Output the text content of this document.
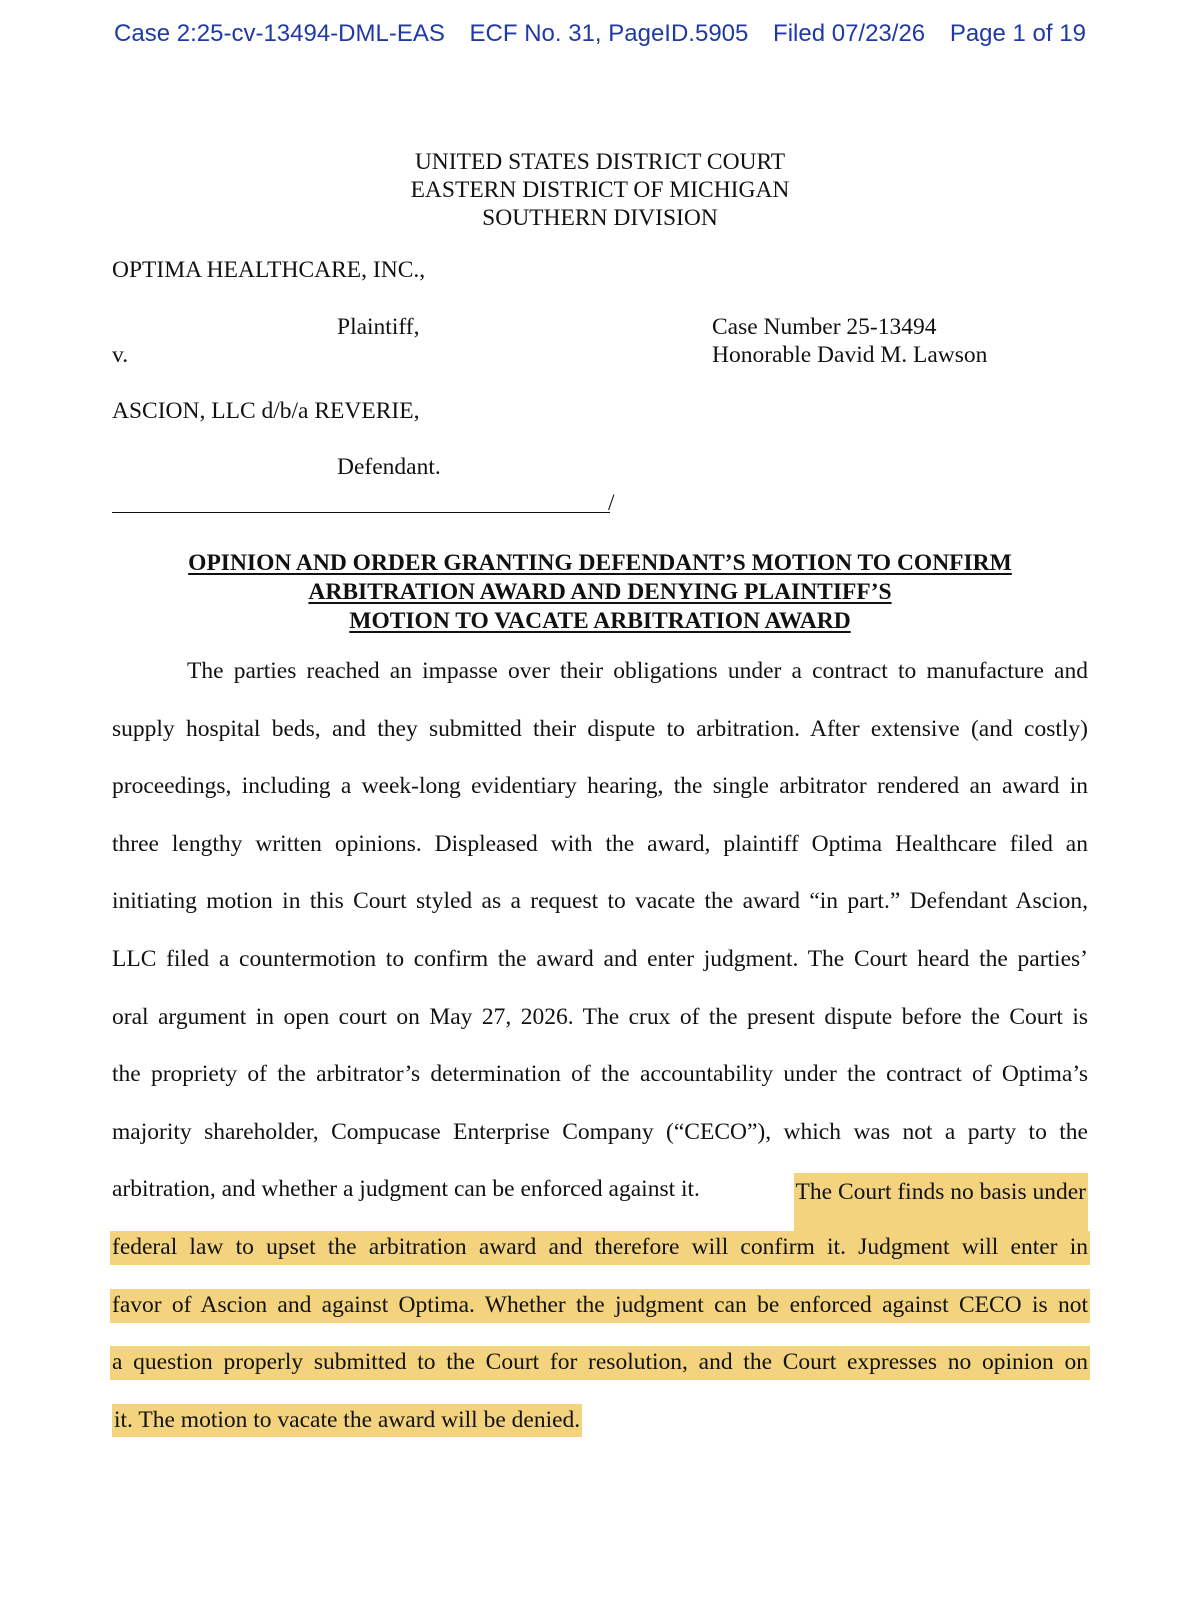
Case 2:25-cv-13494-DML-EAS ECF No. 31, PageID.5905 Filed 07/23/26 Page 1 of 19
UNITED STATES DISTRICT COURT
EASTERN DISTRICT OF MICHIGAN
SOUTHERN DIVISION
OPTIMA HEALTHCARE, INC.,
Plaintiff,
v.
Case Number 25-13494
Honorable David M. Lawson
ASCION, LLC d/b/a REVERIE,
Defendant.
/
OPINION AND ORDER GRANTING DEFENDANT’S MOTION TO CONFIRM
ARBITRATION AWARD AND DENYING PLAINTIFF’S
MOTION TO VACATE ARBITRATION AWARD
The parties reached an impasse over their obligations under a contract to manufacture and
supply hospital beds, and they submitted their dispute to arbitration. After extensive (and costly)
proceedings, including a week-long evidentiary hearing, the single arbitrator rendered an award in
three lengthy written opinions. Displeased with the award, plaintiff Optima Healthcare filed an
initiating motion in this Court styled as a request to vacate the award “in part.” Defendant Ascion,
LLC filed a countermotion to confirm the award and enter judgment. The Court heard the parties’
oral argument in open court on May 27, 2026. The crux of the present dispute before the Court is
the propriety of the arbitrator’s determination of the accountability under the contract of Optima’s
majority shareholder, Compucase Enterprise Company (“CECO”), which was not a party to the
arbitration, and whether a judgment can be enforced against it.	The Court finds no basis under
federal law to upset the arbitration award and therefore will confirm it. Judgment will enter in
favor of Ascion and against Optima. Whether the judgment can be enforced against CECO is not
a question properly submitted to the Court for resolution, and the Court expresses no opinion on
it. The motion to vacate the award will be denied.
